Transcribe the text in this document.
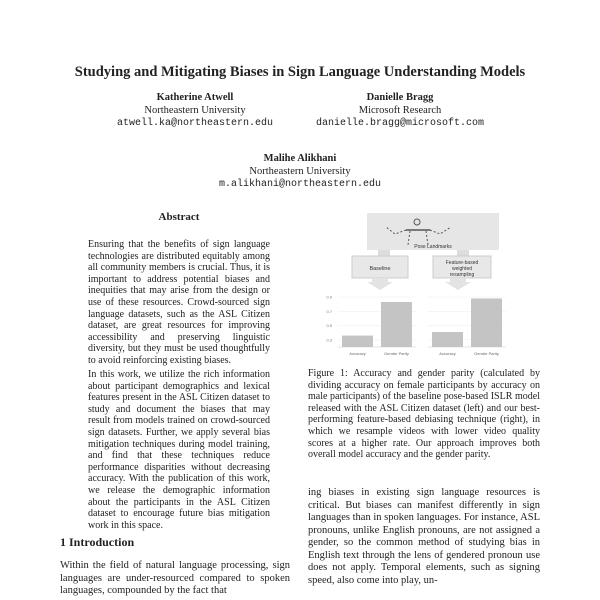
Studying and Mitigating Biases in Sign Language Understanding Models
Katherine Atwell
Northeastern University
atwell.ka@northeastern.edu
Danielle Bragg
Microsoft Research
danielle.bragg@microsoft.com
Malihe Alikhani
Northeastern University
m.alikhani@northeastern.edu
Abstract
Ensuring that the benefits of sign language technologies are distributed equitably among all community members is crucial. Thus, it is important to address potential biases and inequities that may arise from the design or use of these resources. Crowd-sourced sign language datasets, such as the ASL Citizen dataset, are great resources for improving accessibility and preserving linguistic diversity, but they must be used thoughtfully to avoid reinforcing existing biases.
In this work, we utilize the rich information about participant demographics and lexical features present in the ASL Citizen dataset to study and document the biases that may result from models trained on crowd-sourced sign datasets. Further, we apply several bias mitigation techniques during model training, and find that these techniques reduce performance disparities without decreasing accuracy. With the publication of this work, we release the demographic information about the participants in the ASL Citizen dataset to encourage future bias mitigation work in this space.
1 Introduction
Within the field of natural language processing, sign languages are under-resourced compared to spoken languages, compounded by the fact that
Pose Landmarks
Baseline
Feature-based
weighted
resampling
0.9
0.7
0.5
0.3
Accuracy	Gender Parity	Accuracy	Gender Parity
Figure 1: Accuracy and gender parity (calculated by dividing accuracy on female participants by accuracy on male participants) of the baseline pose-based ISLR model released with the ASL Citizen dataset (left) and our best-performing feature-based debiasing technique (right), in which we resample videos with lower video quality scores at a higher rate. Our approach improves both overall model accuracy and the gender parity.
ing biases in existing sign language resources is critical. But biases can manifest differently in sign languages than in spoken languages. For instance, ASL pronouns, unlike English pronouns, are not assigned a gender, so the common method of studying bias in English text through the lens of gendered pronoun use does not apply. Temporal elements, such as signing speed, also come into play, un-
